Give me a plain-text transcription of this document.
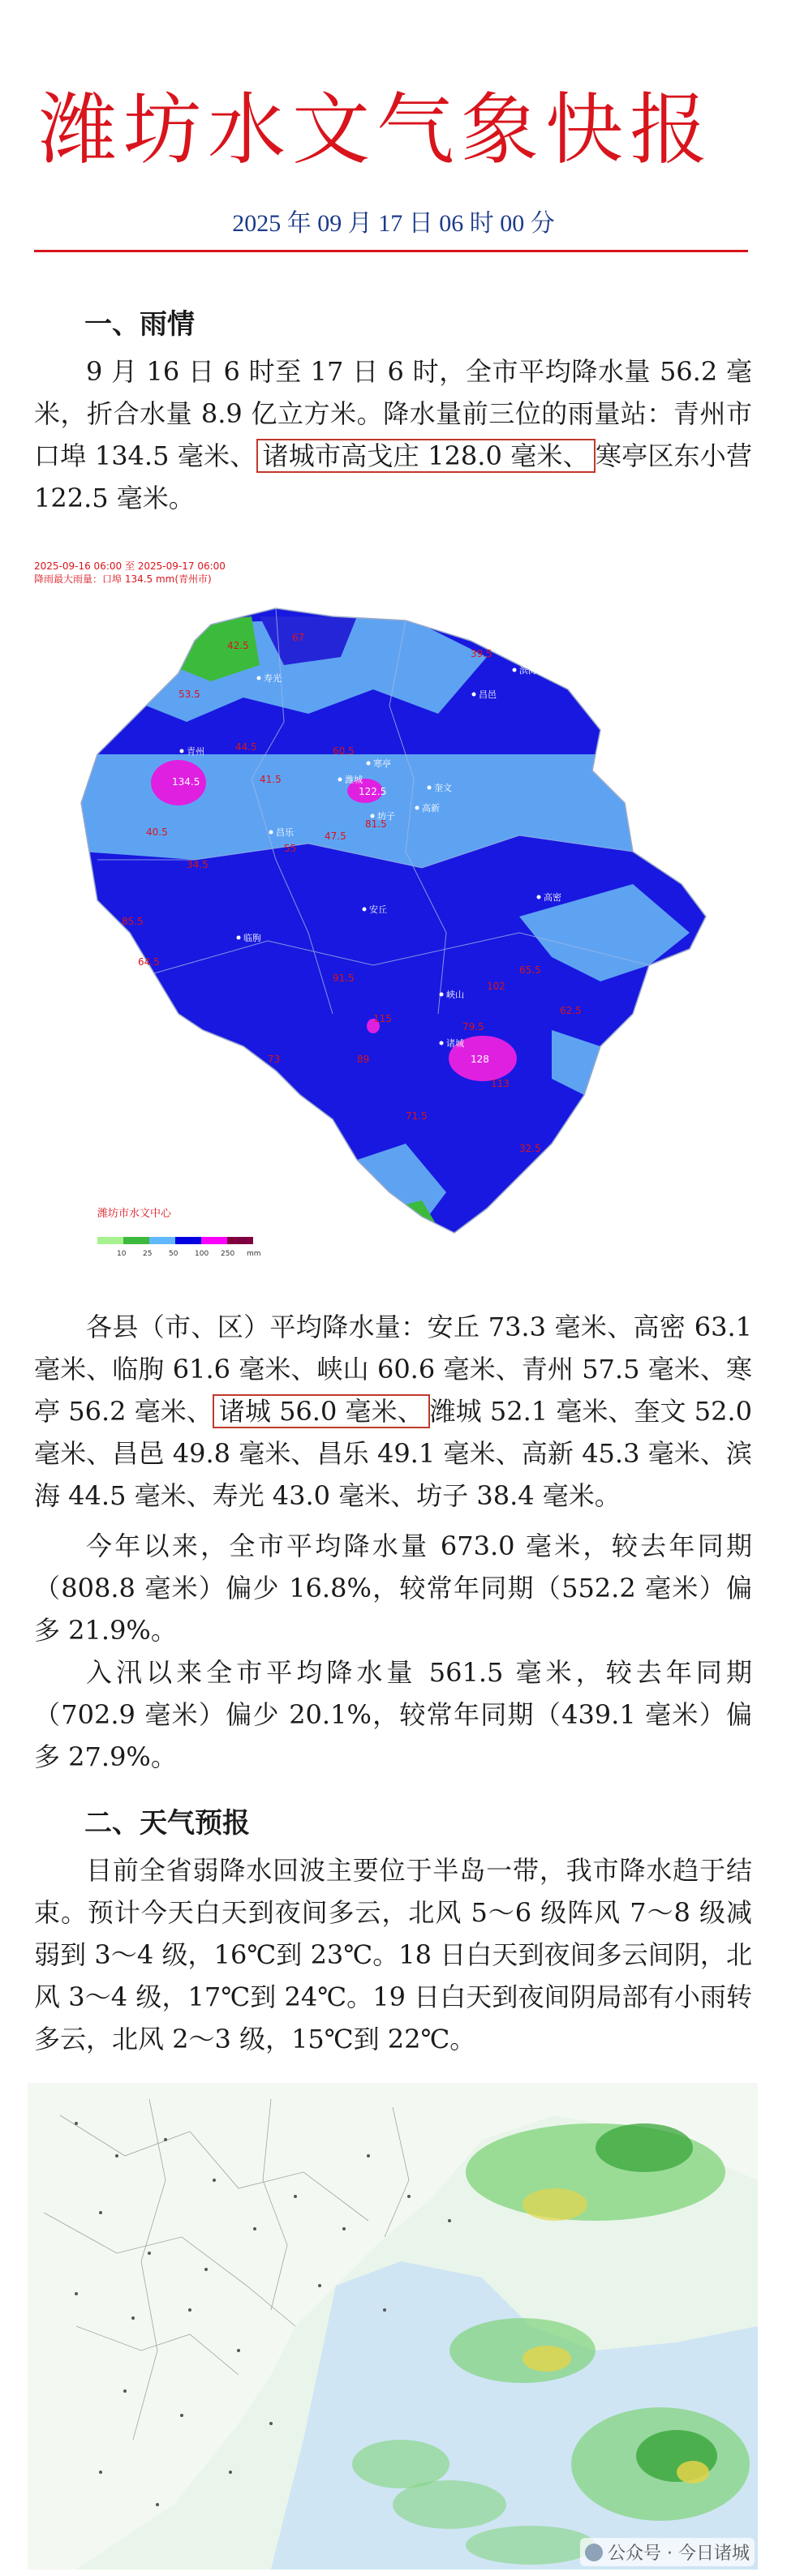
潍坊水文气象快报
2025 年 09 月 17 日 06 时 00 分
一、雨情

9 月 16 日 6 时至 17 日 6 时，全市平均降水量 56.2 毫米，折合水量 8.9 亿立方米。降水量前三位的雨量站：青州市口埠 134.5 毫米、 诸城市高戈庄 128.0 毫米、 寒亭区东小营 122.5 毫米。

2025-09-16 06:00 至 2025-09-17 06:00
降雨最大雨量：口埠 134.5 mm(青州市)
134.5
128
122.5
42.5
67
39.5
53.5
44.5
41.5
60.5
81.5
47.5
55
40.5
34.5
85.5
64.5
91.5
115
113
102
79.5
71.5
65.5
62.5
32.5
73	89
寿光
昌邑
寒亭
潍城
坊子
奎文
青州
昌乐
安丘
高密
诸城
临朐
高新
滨海
峡山
潍坊市水文中心
10 25 50 100 250 mm

各县（市、区）平均降水量：安丘 73.3 毫米、高密 63.1 毫米、临朐 61.6 毫米、峡山 60.6 毫米、青州 57.5 毫米、寒亭 56.2 毫米、 诸城 56.0 毫米、 潍城 52.1 毫米、奎文 52.0 毫米、昌邑 49.8 毫米、昌乐 49.1 毫米、高新 45.3 毫米、滨海 44.5 毫米、寿光 43.0 毫米、坊子 38.4 毫米。

今年以来，全市平均降水量 673.0 毫米，较去年同期（808.8 毫米）偏少 16.8%，较常年同期（552.2 毫米）偏多 21.9%。

入汛以来全市平均降水量 561.5 毫米，较去年同期（702.9 毫米）偏少 20.1%，较常年同期（439.1 毫米）偏多 27.9%。

二、天气预报

目前全省弱降水回波主要位于半岛一带，我市降水趋于结束。预计今天白天到夜间多云，北风 5～6 级阵风 7～8 级减弱到 3～4 级，16℃到 23℃。18 日白天到夜间多云间阴，北风 3～4 级，17℃到 24℃。19 日白天到夜间阴局部有小雨转多云，北风 2～3 级，15℃到 22℃。

公众号 · 今日诸城
